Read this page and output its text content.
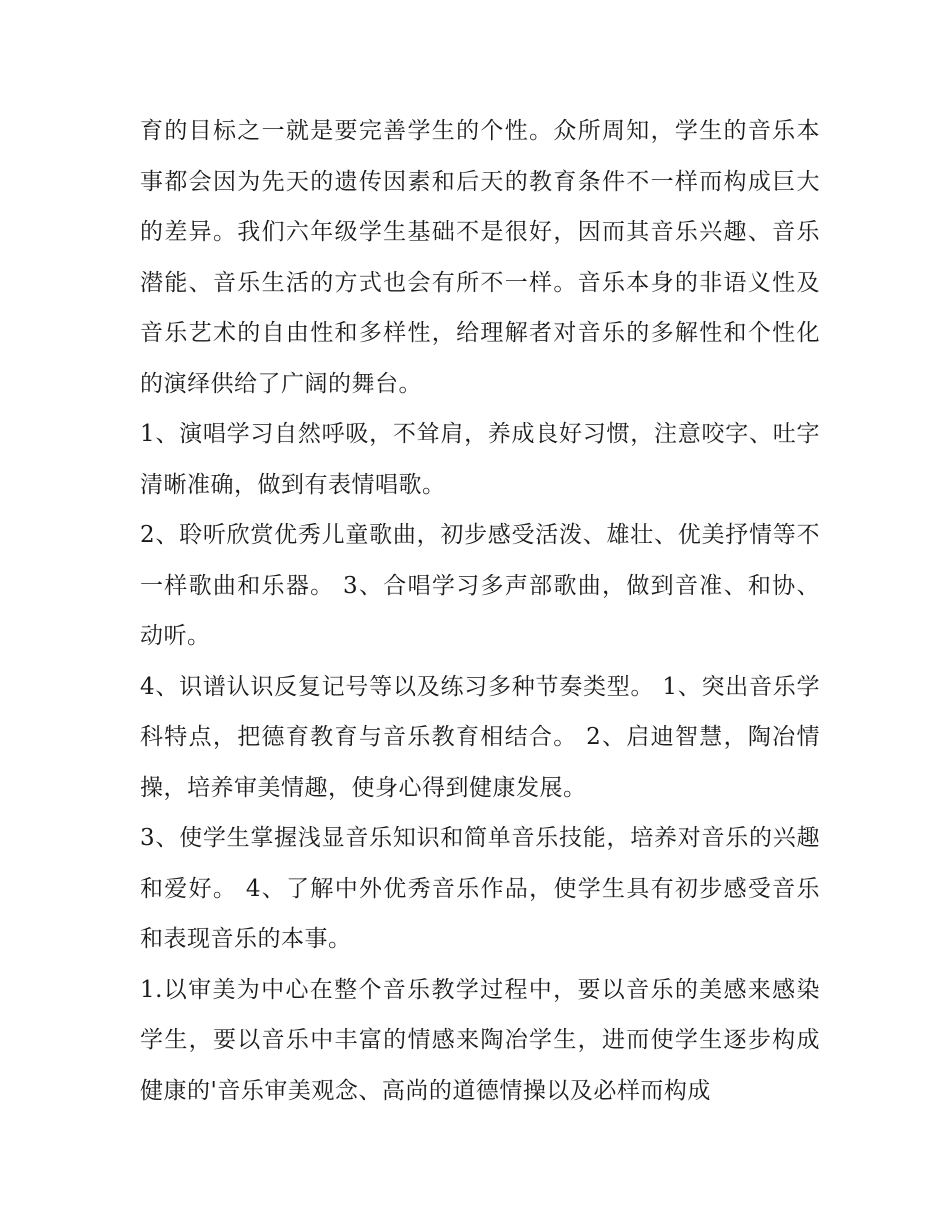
育的目标之一就是要完善学生的个性。众所周知，学生的音乐本事都会因为先天的遗传因素和后天的教育条件不一样而构成巨大的差异。我们六年级学生基础不是很好，因而其音乐兴趣、音乐潜能、音乐生活的方式也会有所不一样。音乐本身的非语义性及音乐艺术的自由性和多样性，给理解者对音乐的多解性和个性化的演绎供给了广阔的舞台。

1、演唱学习自然呼吸，不耸肩，养成良好习惯，注意咬字、吐字清晰准确，做到有表情唱歌。

2、聆听欣赏优秀儿童歌曲，初步感受活泼、雄壮、优美抒情等不一样歌曲和乐器。 3、合唱学习多声部歌曲，做到音准、和协、动听。

4、识谱认识反复记号等以及练习多种节奏类型。 1、突出音乐学科特点，把德育教育与音乐教育相结合。 2、启迪智慧，陶冶情操，培养审美情趣，使身心得到健康发展。

3、使学生掌握浅显音乐知识和简单音乐技能，培养对音乐的兴趣和爱好。 4、了解中外优秀音乐作品，使学生具有初步感受音乐和表现音乐的本事。

1.以审美为中心在整个音乐教学过程中，要以音乐的美感来感染学生，要以音乐中丰富的情感来陶冶学生，进而使学生逐步构成健康的'音乐审美观念、高尚的道德情操以及必样而构成
